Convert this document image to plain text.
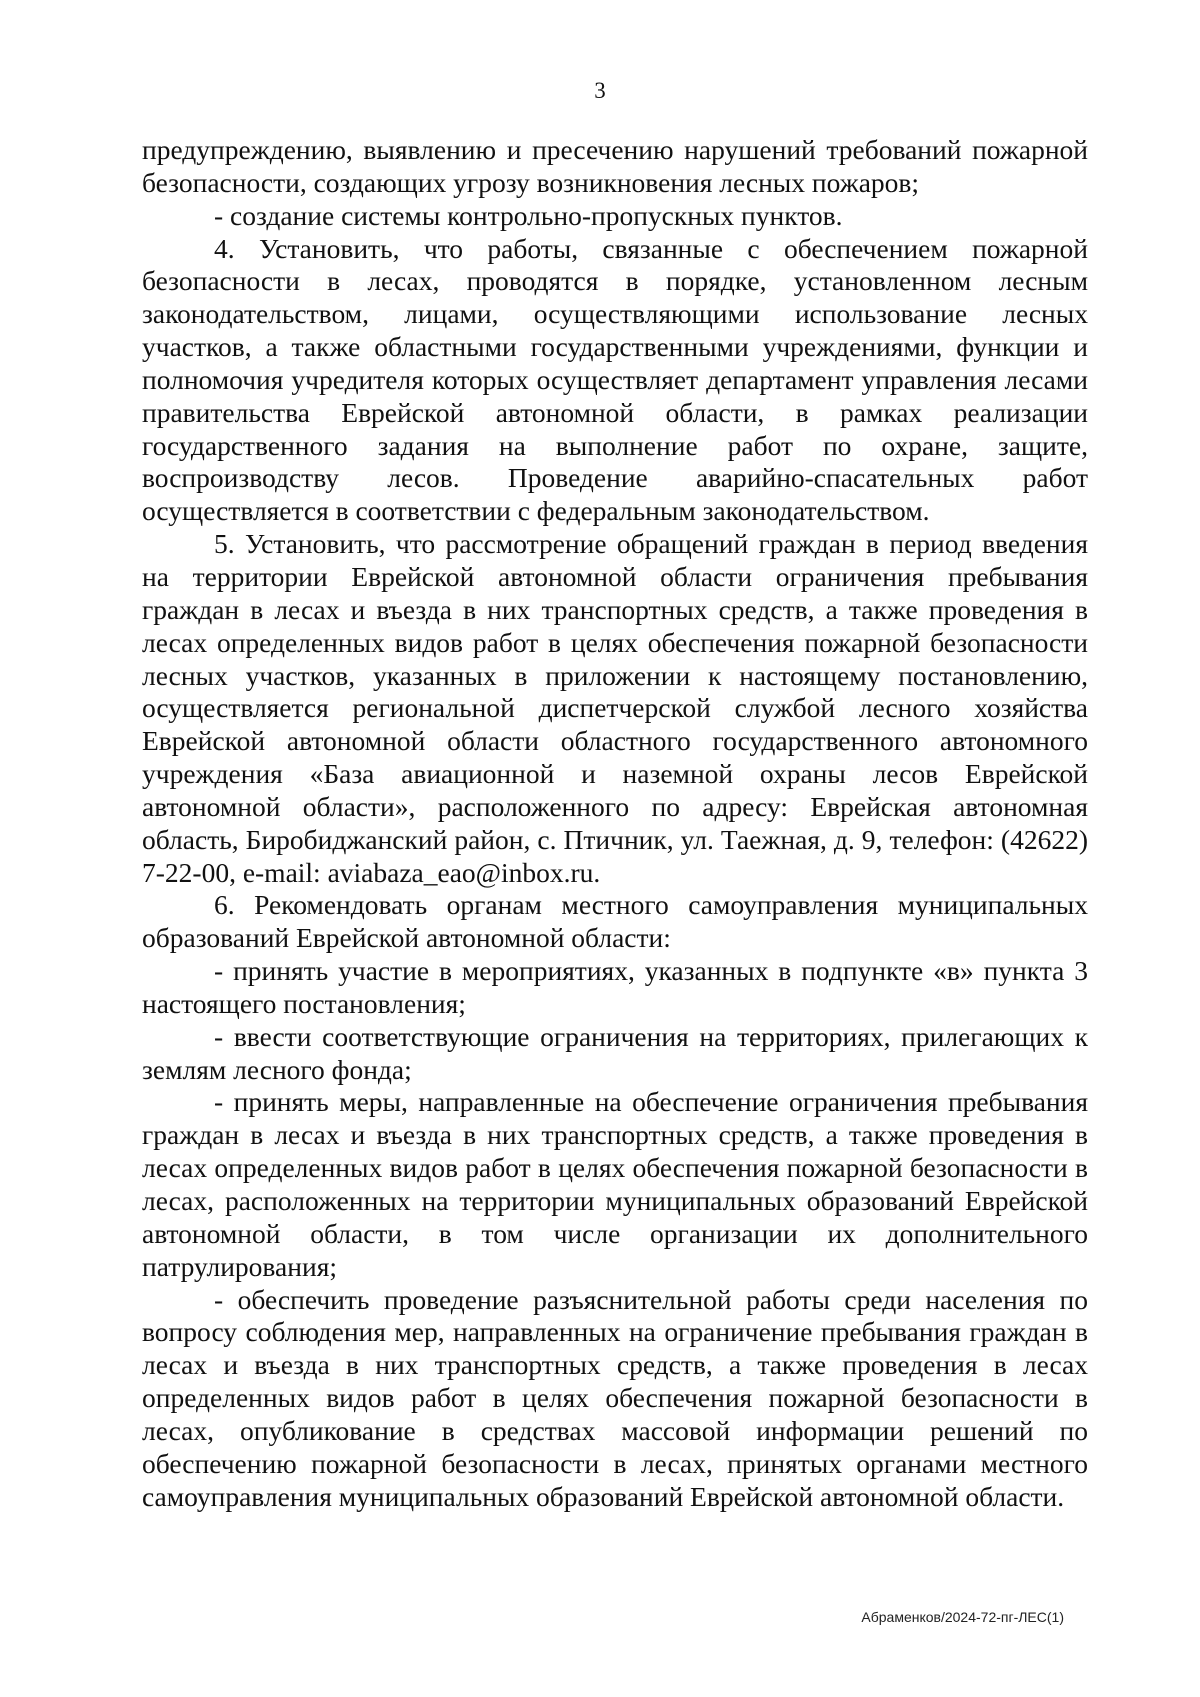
3

предупреждению, выявлению и пресечению нарушений требований пожарной безопасности, создающих угрозу возникновения лесных пожаров;

- создание системы контрольно-пропускных пунктов.

4. Установить, что работы, связанные с обеспечением пожарной безопасности в лесах, проводятся в порядке, установленном лесным законодательством, лицами, осуществляющими использование лесных участков, а также областными государственными учреждениями, функции и полномочия учредителя которых осуществляет департамент управления лесами правительства Еврейской автономной области, в рамках реализации государственного задания на выполнение работ по охране, защите, воспроизводству лесов. Проведение аварийно-спасательных работ осуществляется в соответствии с федеральным законодательством.

5. Установить, что рассмотрение обращений граждан в период введения на территории Еврейской автономной области ограничения пребывания граждан в лесах и въезда в них транспортных средств, а также проведения в лесах определенных видов работ в целях обеспечения пожарной безопасности лесных участков, указанных в приложении к настоящему постановлению, осуществляется региональной диспетчерской службой лесного хозяйства Еврейской автономной области областного государственного автономного учреждения «База авиационной и наземной охраны лесов Еврейской автономной области», расположенного по адресу: Еврейская автономная область, Биробиджанский район, с. Птичник, ул. Таежная, д. 9, телефон: (42622) 7-22-00, e-mail: aviabaza_eao@inbox.ru.

6. Рекомендовать органам местного самоуправления муниципальных образований Еврейской автономной области:

- принять участие в мероприятиях, указанных в подпункте «в» пункта 3 настоящего постановления;

- ввести соответствующие ограничения на территориях, прилегающих к землям лесного фонда;

- принять меры, направленные на обеспечение ограничения пребывания граждан в лесах и въезда в них транспортных средств, а также проведения в лесах определенных видов работ в целях обеспечения пожарной безопасности в лесах, расположенных на территории муниципальных образований Еврейской автономной области, в том числе организации их дополнительного патрулирования;

- обеспечить проведение разъяснительной работы среди населения по вопросу соблюдения мер, направленных на ограничение пребывания граждан в лесах и въезда в них транспортных средств, а также проведения в лесах определенных видов работ в целях обеспечения пожарной безопасности в лесах, опубликование в средствах массовой информации решений по обеспечению пожарной безопасности в лесах, принятых органами местного самоуправления муниципальных образований Еврейской автономной области.

Абраменков/2024-72-пг-ЛЕС(1)
